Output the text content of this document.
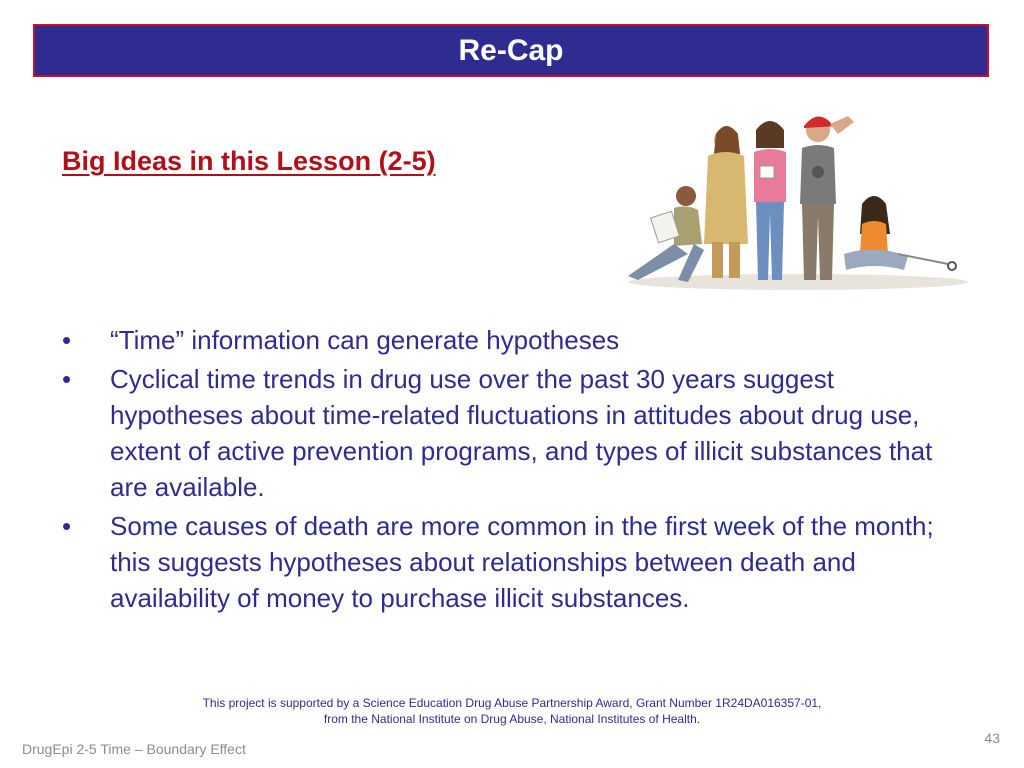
Re-Cap
Big Ideas in this Lesson (2-5)
• “Time” information can generate hypotheses
• Cyclical time trends in drug use over the past 30 years suggest hypotheses about time-related fluctuations in attitudes about drug use, extent of active prevention programs, and types of illicit substances that are available.
• Some causes of death are more common in the first week of the month; this suggests hypotheses about relationships between death and availability of money to purchase illicit substances.
This project is supported by a Science Education Drug Abuse Partnership Award, Grant Number 1R24DA016357-01,
from the National Institute on Drug Abuse, National Institutes of Health.
43
DrugEpi 2-5 Time – Boundary Effect
